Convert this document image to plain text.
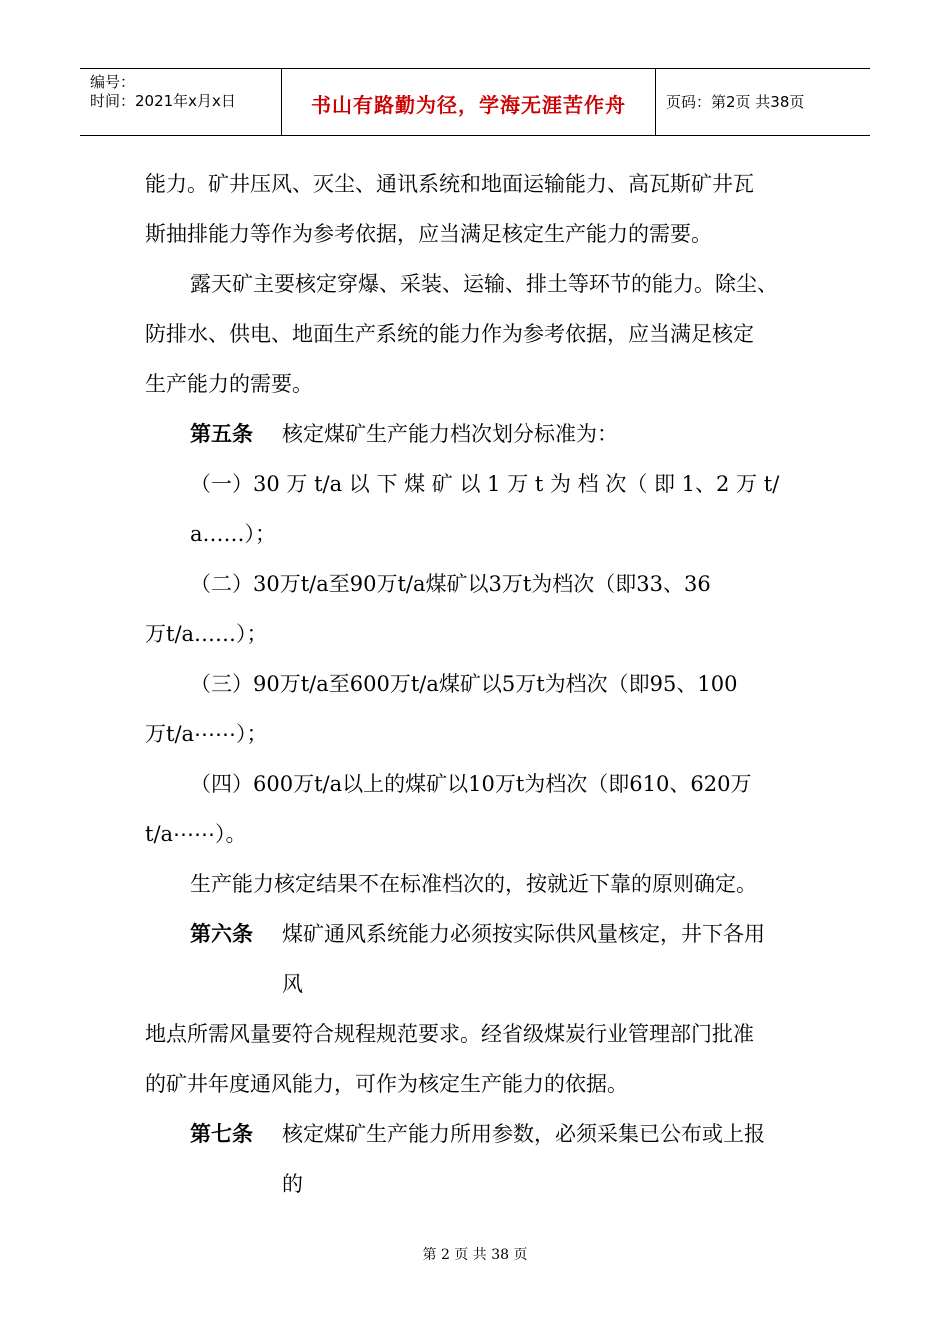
编号：
时间：2021年x月x日	书山有路勤为径，学海无涯苦作舟	页码：第2页 共38页
能力。矿井压风、灭尘、通讯系统和地面运输能力、高瓦斯矿井瓦
斯抽排能力等作为参考依据，应当满足核定生产能力的需要。
露天矿主要核定穿爆、采装、运输、排土等环节的能力。除尘、
防排水、供电、地面生产系统的能力作为参考依据，应当满足核定
生产能力的需要。
第五条 核定煤矿生产能力档次划分标准为：
（一）30 万 t/a 以 下 煤 矿 以 1 万 t 为 档 次（ 即 1、2 万 t/
a……）；
（二）30万t/a至90万t/a煤矿以3万t为档次（即33、36
万t/a……）；
（三）90万t/a至600万t/a煤矿以5万t为档次（即95、100
万t/a⋯⋯）；
（四）600万t/a以上的煤矿以10万t为档次（即610、620万
t/a⋯⋯）。
生产能力核定结果不在标准档次的，按就近下靠的原则确定。
第六条 煤矿通风系统能力必须按实际供风量核定，井下各用
风
地点所需风量要符合规程规范要求。经省级煤炭行业管理部门批准
的矿井年度通风能力，可作为核定生产能力的依据。
第七条 核定煤矿生产能力所用参数，必须采集已公布或上报
的
第 2 页 共 38 页
